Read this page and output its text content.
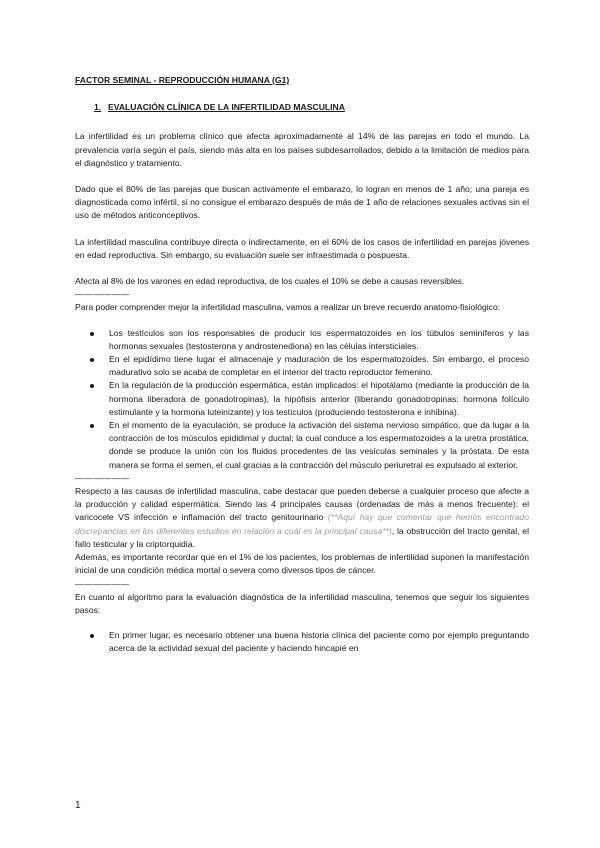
FACTOR SEMINAL - REPRODUCCIÓN HUMANA (G1)

1. EVALUACIÓN CLÍNICA DE LA INFERTILIDAD MASCULINA

La infertilidad es un problema clínico que afecta aproximadamente al 14% de las parejas en todo el mundo. La prevalencia varía según el país, siendo más alta en los países subdesarrollados, debido a la limitación de medios para el diagnóstico y tratamiento.

Dado que el 80% de las parejas que buscan activamente el embarazo, lo logran en menos de 1 año; una pareja es diagnosticada como infértil, si no consigue el embarazo después de más de 1 año de relaciones sexuales activas sin el uso de métodos anticonceptivos.

La infertilidad masculina contribuye directa o indirectamente, en el 60% de los casos de infertilidad en parejas jóvenes en edad reproductiva. Sin embargo, su evaluación suele ser infraestimada o pospuesta.

Afecta al 8% de los varones en edad reproductiva, de los cuales el 10% se debe a causas reversibles.

——————

Para poder comprender mejor la infertilidad masculina, vamos a realizar un breve recuerdo anatomo-fisiológico:

Los testículos son los responsables de producir los espermatozoides en los túbulos seminíferos y las hormonas sexuales (testosterona y androstenediona) en las células intersticiales.
En el epidídimo tiene lugar el almacenaje y maduración de los espermatozoides. Sin embargo, el proceso madurativo solo se acaba de completar en el interior del tracto reproductor femenino.
En la regulación de la producción espermática, están implicados: el hipotálamo (mediante la producción de la hormona liberadora de gonadotropinas), la hipófisis anterior (liberando gonadotropinas: hormona folículo estimulante y la hormona luteinizante) y los testículos (produciendo testosterona e inhibina).
En el momento de la eyaculación, se produce la activación del sistema nervioso simpático, que da lugar a la contracción de los músculos epididimal y ductal; la cual conduce a los espermatozoides a la uretra prostática, donde se produce la unión con los fluidos procedentes de las vesículas seminales y la próstata. De esta manera se forma el semen, el cual gracias a la contracción del músculo periuretral es expulsado al exterior.

——————

Respecto a las causas de infertilidad masculina, cabe destacar que pueden deberse a cualquier proceso que afecte a la producción y calidad espermática. Siendo las 4 principales causas (ordenadas de más a menos frecuente): el varicocele VS infección e inflamación del tracto genitourinario (**Aquí hay que comentar que hemos encontrado discrepancias en los diferentes estudios en relación a cuál es la principal causa**), la obstrucción del tracto genital, el fallo testicular y la criptorquidia.

Además, es importante recordar que en el 1% de los pacientes, los problemas de infertilidad suponen la manifestación inicial de una condición médica mortal o severa como diversos tipos de cáncer.

——————

En cuanto al algoritmo para la evaluación diagnóstica de la infertilidad masculina, tenemos que seguir los siguientes pasos:

En primer lugar, es necesario obtener una buena historia clínica del paciente como por ejemplo preguntando acerca de la actividad sexual del paciente y haciendo hincapié en
1
